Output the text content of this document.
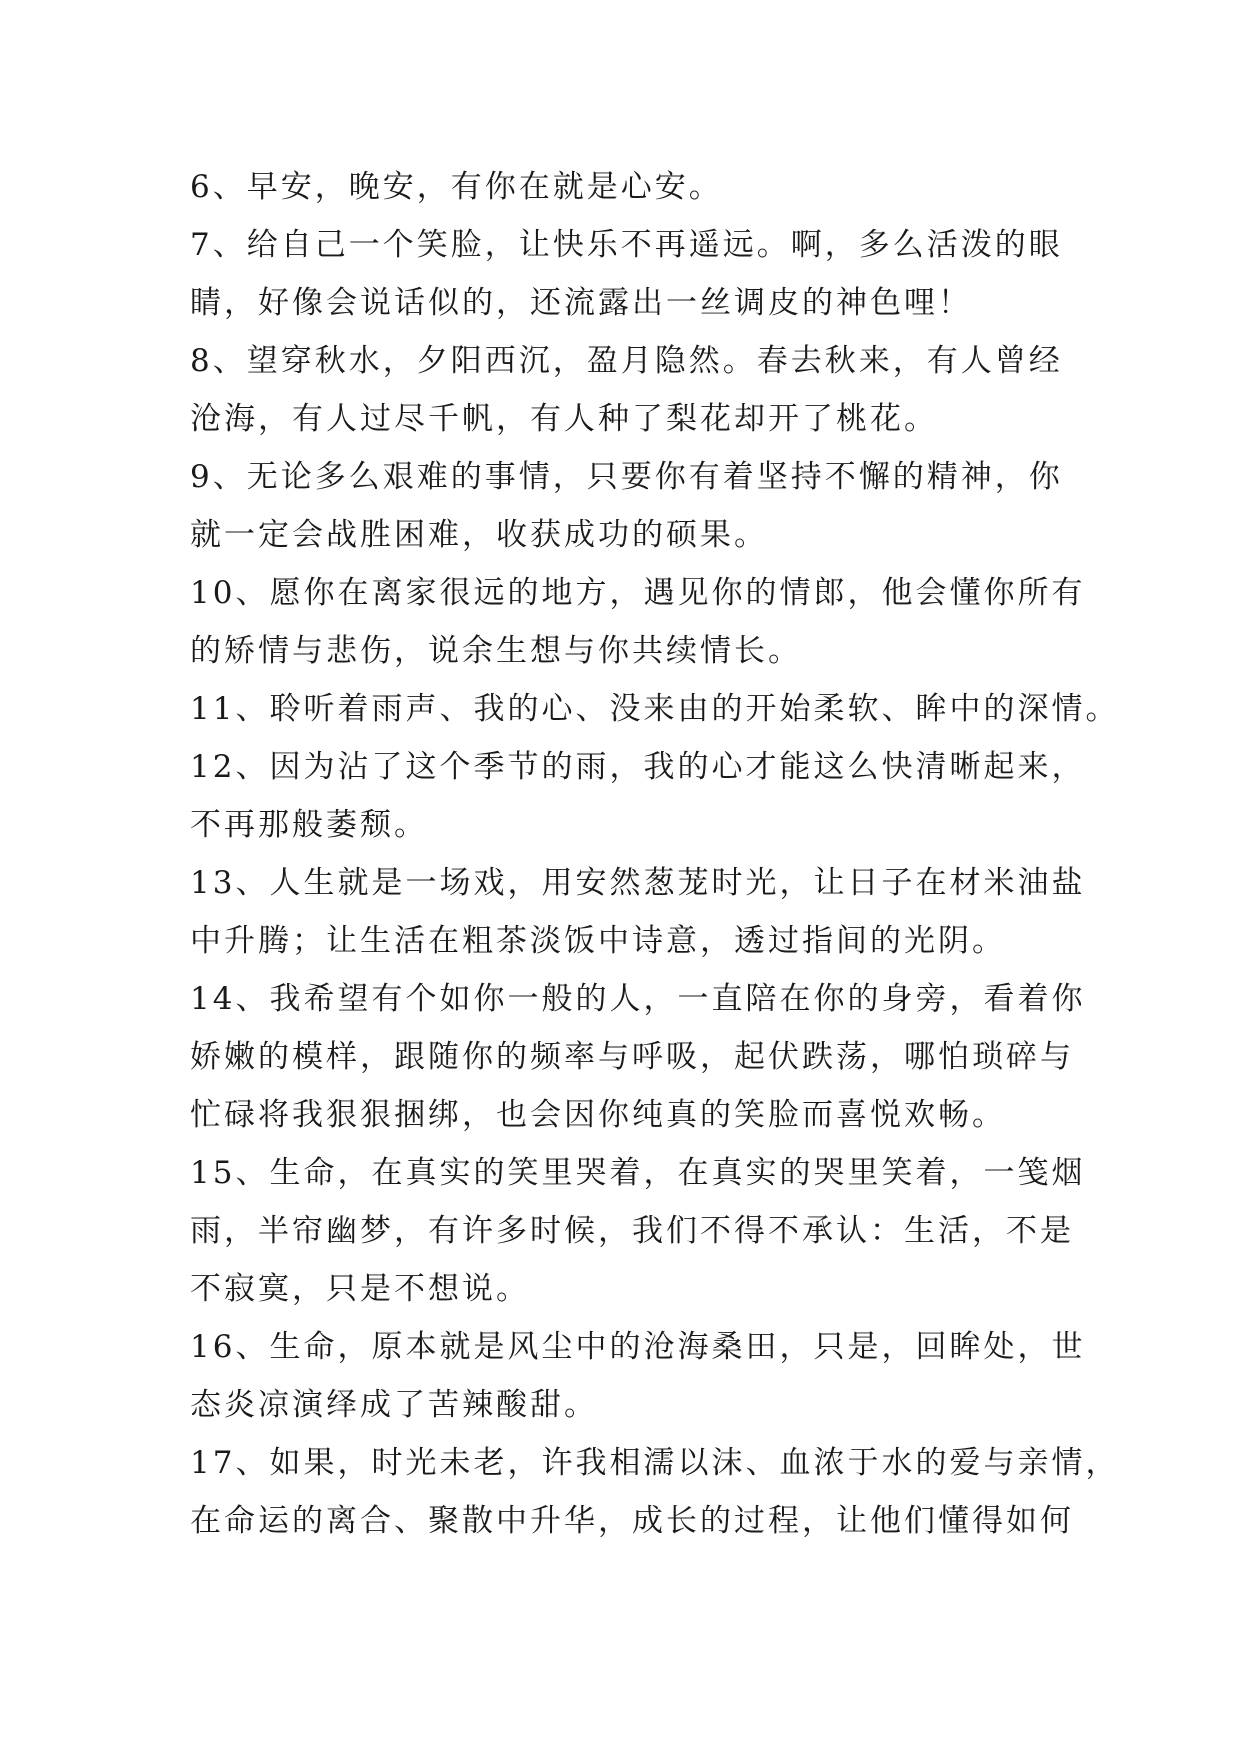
6、早安，晚安，有你在就是心安。
7、给自己一个笑脸，让快乐不再遥远。啊，多么活泼的眼
睛，好像会说话似的，还流露出一丝调皮的神色哩！
8、望穿秋水，夕阳西沉，盈月隐然。春去秋来，有人曾经
沧海，有人过尽千帆，有人种了梨花却开了桃花。
9、无论多么艰难的事情，只要你有着坚持不懈的精神，你
就一定会战胜困难，收获成功的硕果。
10、愿你在离家很远的地方，遇见你的情郎，他会懂你所有
的矫情与悲伤，说余生想与你共续情长。
11、聆听着雨声、我的心、没来由的开始柔软、眸中的深情。
12、因为沾了这个季节的雨，我的心才能这么快清晰起来，
不再那般萎颓。
13、人生就是一场戏，用安然葱茏时光，让日子在材米油盐
中升腾；让生活在粗茶淡饭中诗意，透过指间的光阴。
14、我希望有个如你一般的人，一直陪在你的身旁，看着你
娇嫩的模样，跟随你的频率与呼吸，起伏跌荡，哪怕琐碎与
忙碌将我狠狠捆绑，也会因你纯真的笑脸而喜悦欢畅。
15、生命，在真实的笑里哭着，在真实的哭里笑着，一笺烟
雨，半帘幽梦，有许多时候，我们不得不承认：生活，不是
不寂寞，只是不想说。
16、生命，原本就是风尘中的沧海桑田，只是，回眸处，世
态炎凉演绎成了苦辣酸甜。
17、如果，时光未老，许我相濡以沫、血浓于水的爱与亲情，
在命运的离合、聚散中升华，成长的过程，让他们懂得如何
